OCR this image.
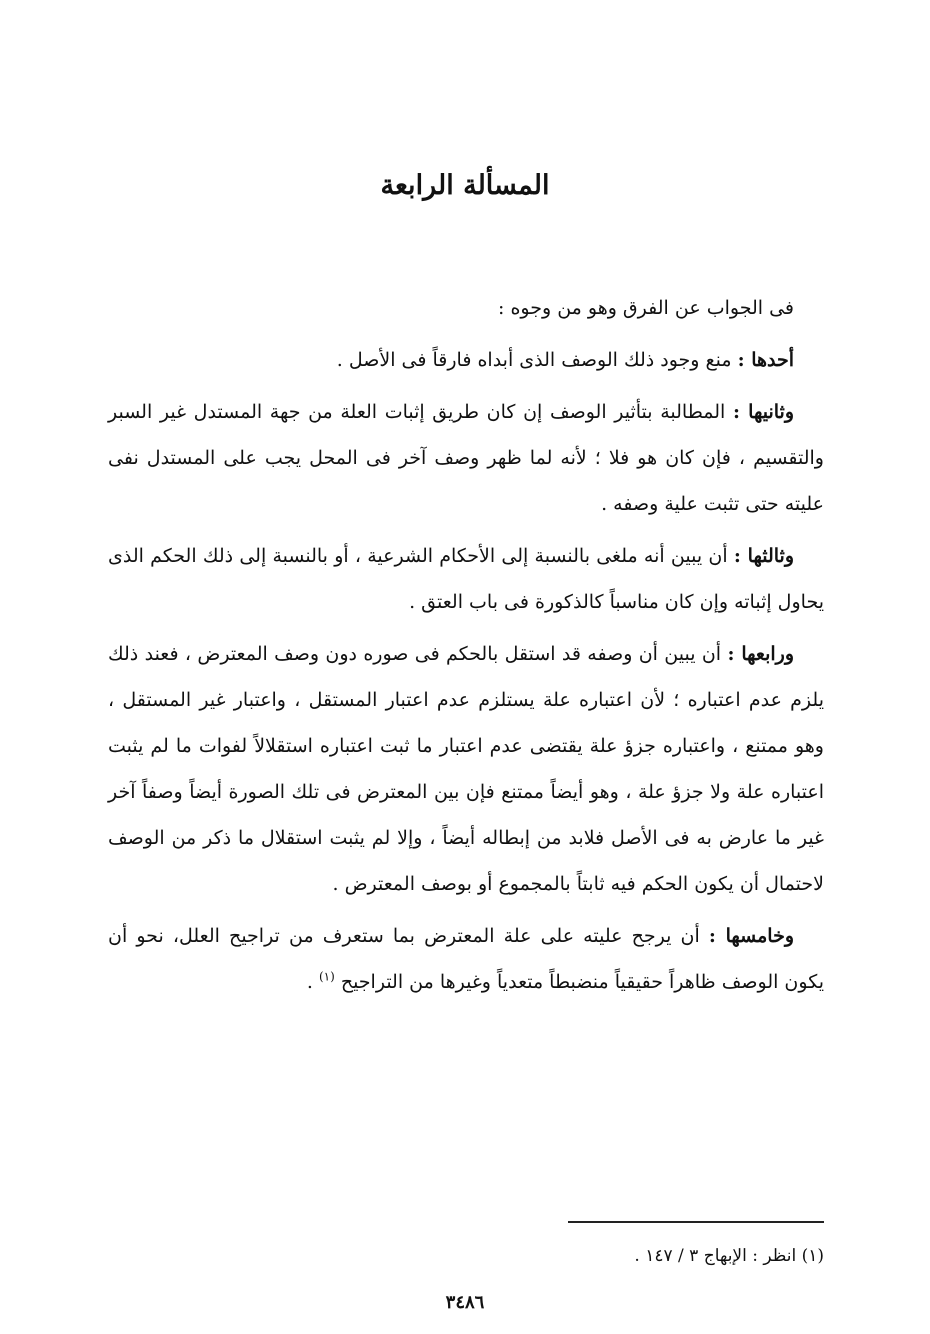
المسألة الرابعة

فى الجواب عن الفرق وهو من وجوه :

أحدها : منع وجود ذلك الوصف الذى أبداه فارقاً فى الأصل .

وثانيها : المطالبة بتأثير الوصف إن كان طريق إثبات العلة من جهة المستدل غير السبر والتقسيم ، فإن كان هو فلا ؛ لأنه لما ظهر وصف آخر فى المحل يجب على المستدل نفى عليته حتى تثبت علية وصفه .

وثالثها : أن يبين أنه ملغى بالنسبة إلى الأحكام الشرعية ، أو بالنسبة إلى ذلك الحكم الذى يحاول إثباته وإن كان مناسباً كالذكورة فى باب العتق .

ورابعها : أن يبين أن وصفه قد استقل بالحكم فى صوره دون وصف المعترض ، فعند ذلك يلزم عدم اعتباره ؛ لأن اعتباره علة يستلزم عدم اعتبار المستقل ، واعتبار غير المستقل ، وهو ممتنع ، واعتباره جزؤ علة يقتضى عدم اعتبار ما ثبت اعتباره استقلالاً لفوات ما لم يثبت اعتباره علة ولا جزؤ علة ، وهو أيضاً ممتنع فإن بين المعترض فى تلك الصورة أيضاً وصفاً آخر غير ما عارض به فى الأصل فلابد من إبطاله أيضاً ، وإلا لم يثبت استقلال ما ذكر من الوصف لاحتمال أن يكون الحكم فيه ثابتاً بالمجموع أو بوصف المعترض .

وخامسها : أن يرجح عليته على علة المعترض بما ستعرف من تراجيح العلل، نحو أن يكون الوصف ظاهراً حقيقياً منضبطاً متعدياً وغيرها من التراجيح $^{(١)}$ .

(١) انظر : الإبهاج ٣ / ١٤٧ .
٣٤٨٦
